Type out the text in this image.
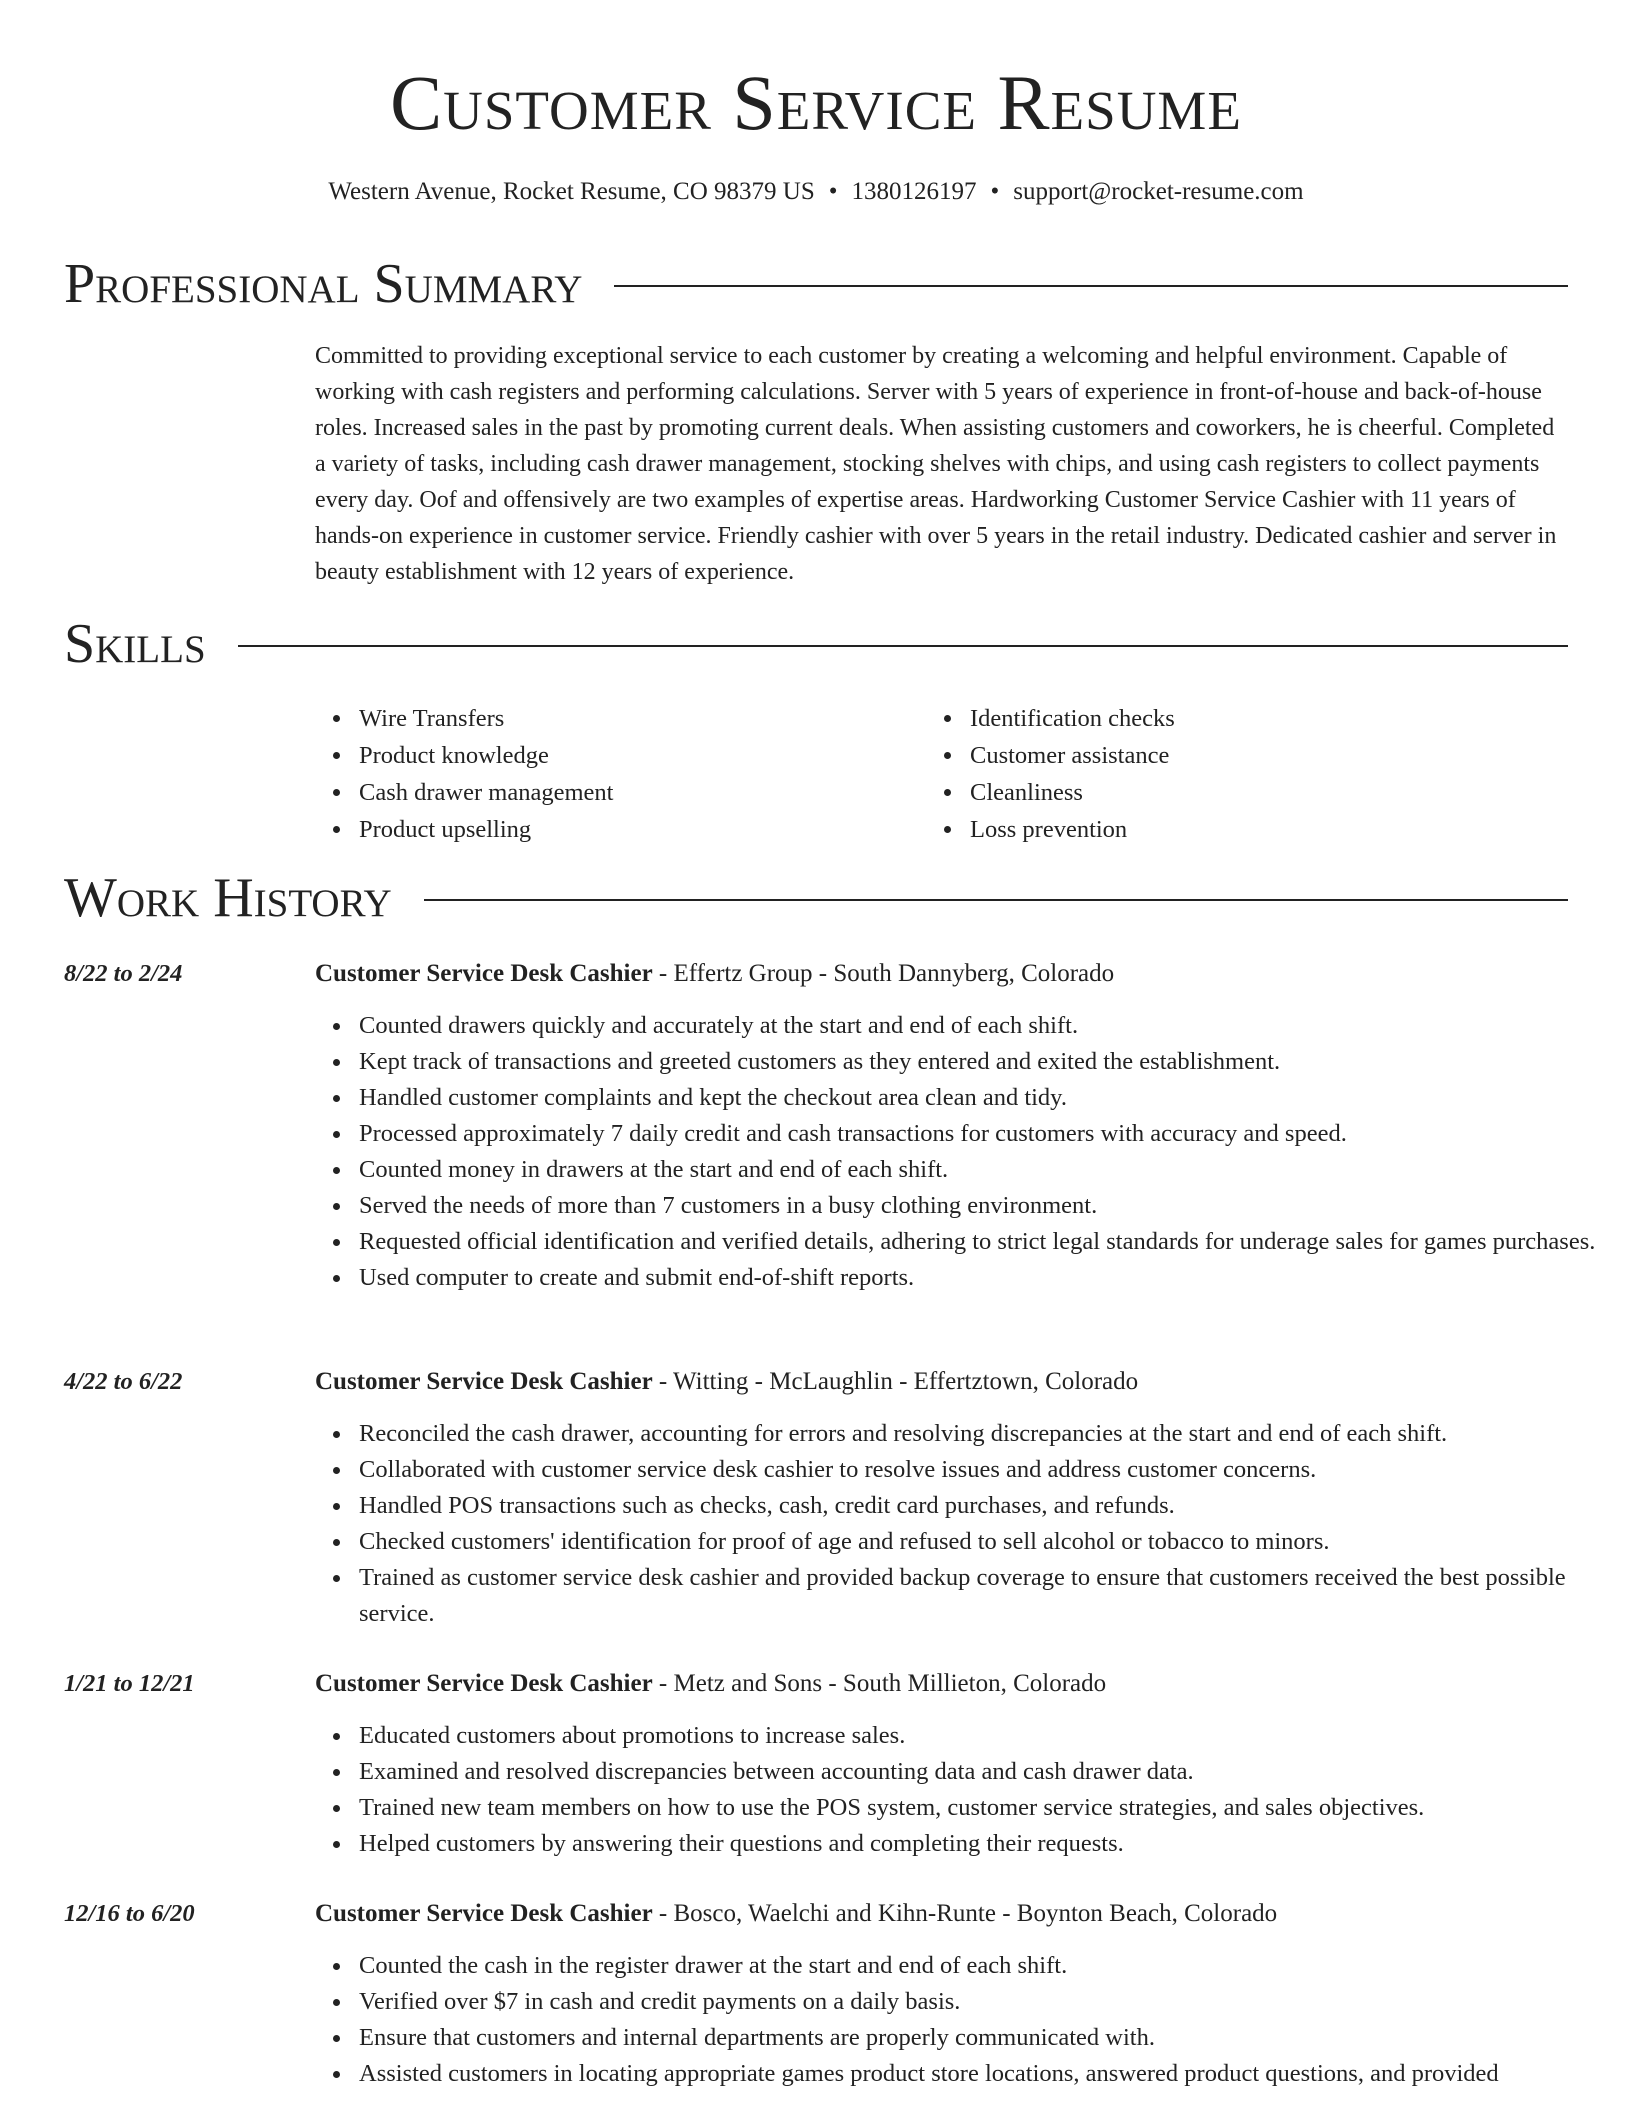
Customer Service Resume
Western Avenue, Rocket Resume, CO 98379 US • 1380126197 • support@rocket-resume.com
Professional Summary

Committed to providing exceptional service to each customer by creating a welcoming and helpful environment. Capable of working with cash registers and performing calculations. Server with 5 years of experience in front-of-house and back-of-house roles. Increased sales in the past by promoting current deals. When assisting customers and coworkers, he is cheerful. Completed a variety of tasks, including cash drawer management, stocking shelves with chips, and using cash registers to collect payments every day. Oof and offensively are two examples of expertise areas. Hardworking Customer Service Cashier with 11 years of hands-on experience in customer service. Friendly cashier with over 5 years in the retail industry. Dedicated cashier and server in beauty establishment with 12 years of experience.

Skills
Wire Transfers
Product knowledge
Cash drawer management
Product upselling
Identification checks
Customer assistance
Cleanliness
Loss prevention
Work History
8/22 to 2/24	Customer Service Desk Cashier - Effertz Group - South Dannyberg, Colorado
Counted drawers quickly and accurately at the start and end of each shift.
Kept track of transactions and greeted customers as they entered and exited the establishment.
Handled customer complaints and kept the checkout area clean and tidy.
Processed approximately 7 daily credit and cash transactions for customers with accuracy and speed.
Counted money in drawers at the start and end of each shift.
Served the needs of more than 7 customers in a busy clothing environment.
Requested official identification and verified details, adhering to strict legal standards for underage sales for games purchases.
Used computer to create and submit end-of-shift reports.
4/22 to 6/22	Customer Service Desk Cashier - Witting - McLaughlin - Effertztown, Colorado
Reconciled the cash drawer, accounting for errors and resolving discrepancies at the start and end of each shift.
Collaborated with customer service desk cashier to resolve issues and address customer concerns.
Handled POS transactions such as checks, cash, credit card purchases, and refunds.
Checked customers' identification for proof of age and refused to sell alcohol or tobacco to minors.
Trained as customer service desk cashier and provided backup coverage to ensure that customers received the best possible service.
1/21 to 12/21	Customer Service Desk Cashier - Metz and Sons - South Millieton, Colorado
Educated customers about promotions to increase sales.
Examined and resolved discrepancies between accounting data and cash drawer data.
Trained new team members on how to use the POS system, customer service strategies, and sales objectives.
Helped customers by answering their questions and completing their requests.
12/16 to 6/20	Customer Service Desk Cashier - Bosco, Waelchi and Kihn-Runte - Boynton Beach, Colorado
Counted the cash in the register drawer at the start and end of each shift.
Verified over $7 in cash and credit payments on a daily basis.
Ensure that customers and internal departments are properly communicated with.
Assisted customers in locating appropriate games product store locations, answered product questions, and provided
